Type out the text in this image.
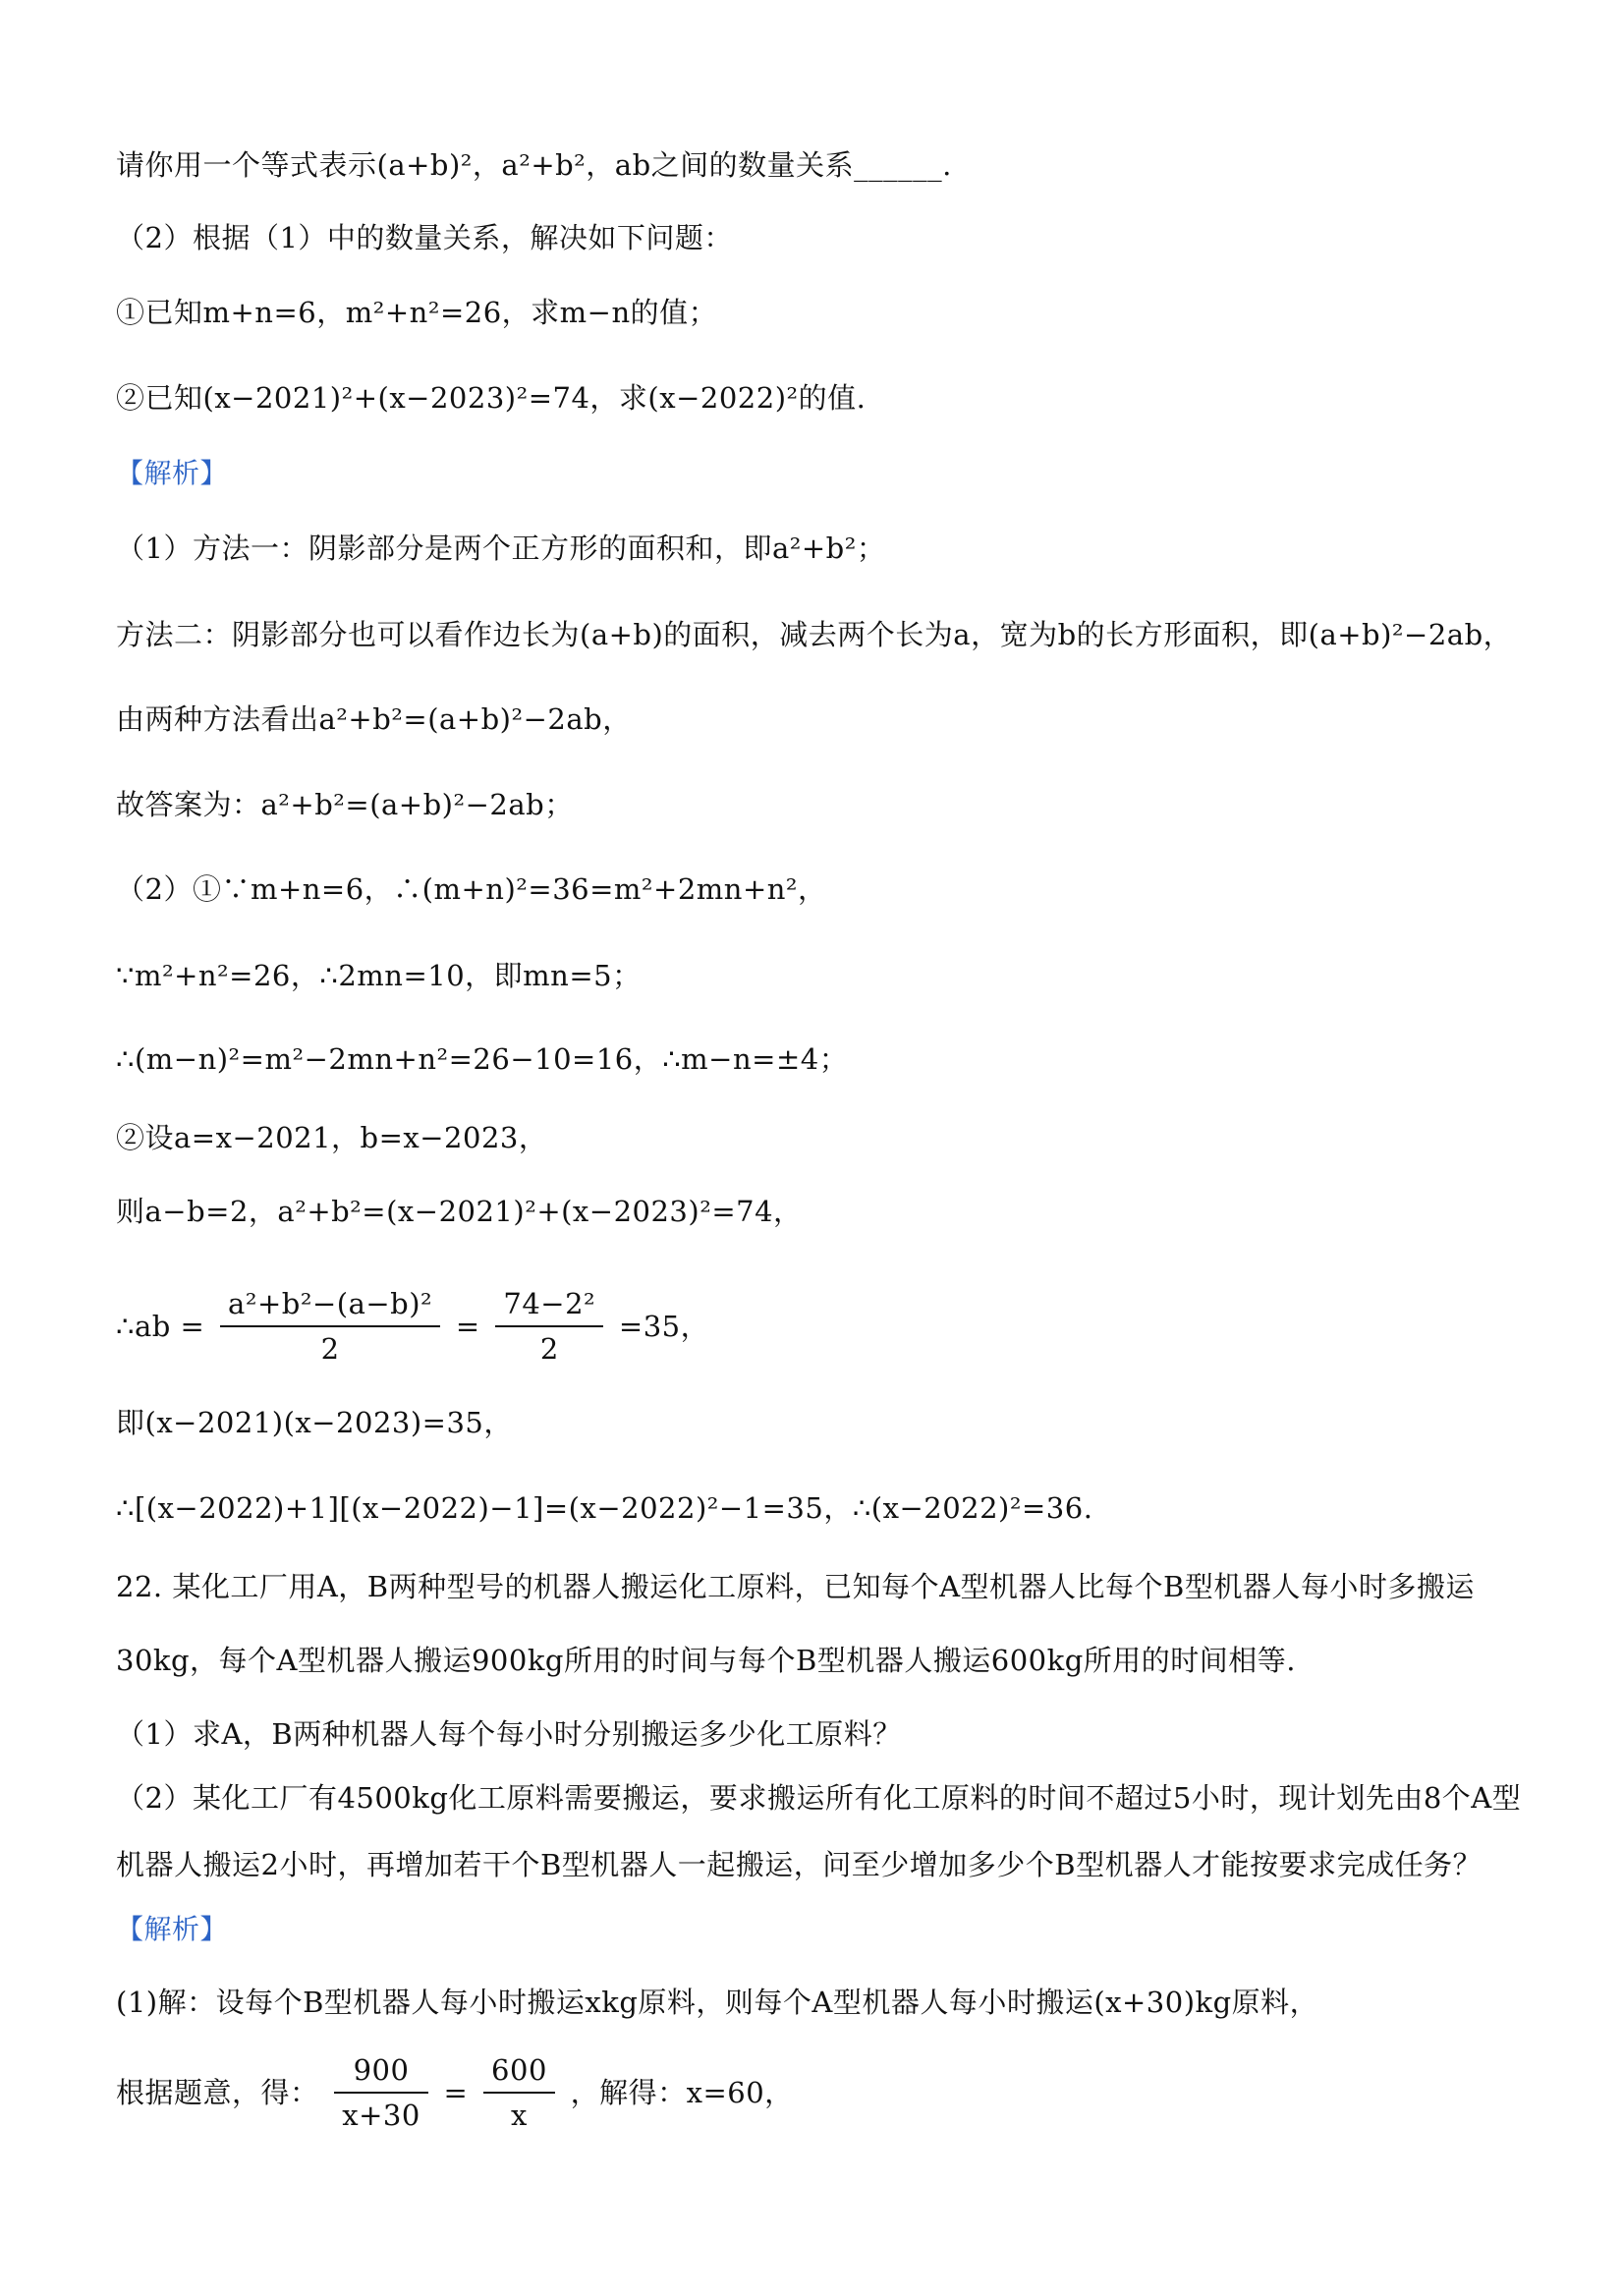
请你用一个等式表示(a+b)²，a²+b²，ab之间的数量关系______.
（2）根据（1）中的数量关系，解决如下问题：
①已知m+n=6，m²+n²=26，求m−n的值；
②已知(x−2021)²+(x−2023)²=74，求(x−2022)²的值.
【解析】
（1）方法一：阴影部分是两个正方形的面积和，即a²+b²；
方法二：阴影部分也可以看作边长为(a+b)的面积，减去两个长为a，宽为b的长方形面积，即(a+b)²−2ab，
由两种方法看出a²+b²=(a+b)²−2ab，
故答案为：a²+b²=(a+b)²−2ab；
（2）①∵m+n=6，∴(m+n)²=36=m²+2mn+n²，
∵m²+n²=26，∴2mn=10，即mn=5；
∴(m−n)²=m²−2mn+n²=26−10=16，∴m−n=±4；
②设a=x−2021，b=x−2023，
则a−b=2，a²+b²=(x−2021)²+(x−2023)²=74，
∴ab = $\frac{\text{a²+b²−(a−b)²}}{2} = \frac{\text{74−2²}}{2} =35$，
即(x−2021)(x−2023)=35，
∴[(x−2022)+1][(x−2022)−1]=(x−2022)²−1=35，∴(x−2022)²=36.
22. 某化工厂用A，B两种型号的机器人搬运化工原料，已知每个A型机器人比每个B型机器人每小时多搬运
30kg，每个A型机器人搬运900kg所用的时间与每个B型机器人搬运600kg所用的时间相等.
（1）求A，B两种机器人每个每小时分别搬运多少化工原料？
（2）某化工厂有4500kg化工原料需要搬运，要求搬运所有化工原料的时间不超过5小时，现计划先由8个A型
机器人搬运2小时，再增加若干个B型机器人一起搬运，问至少增加多少个B型机器人才能按要求完成任务？
【解析】
(1)解：设每个B型机器人每小时搬运xkg原料，则每个A型机器人每小时搬运(x+30)kg原料，
根据题意，得： $\frac{900}{x+30} = \frac{600}{x}$ ，解得：x=60，
